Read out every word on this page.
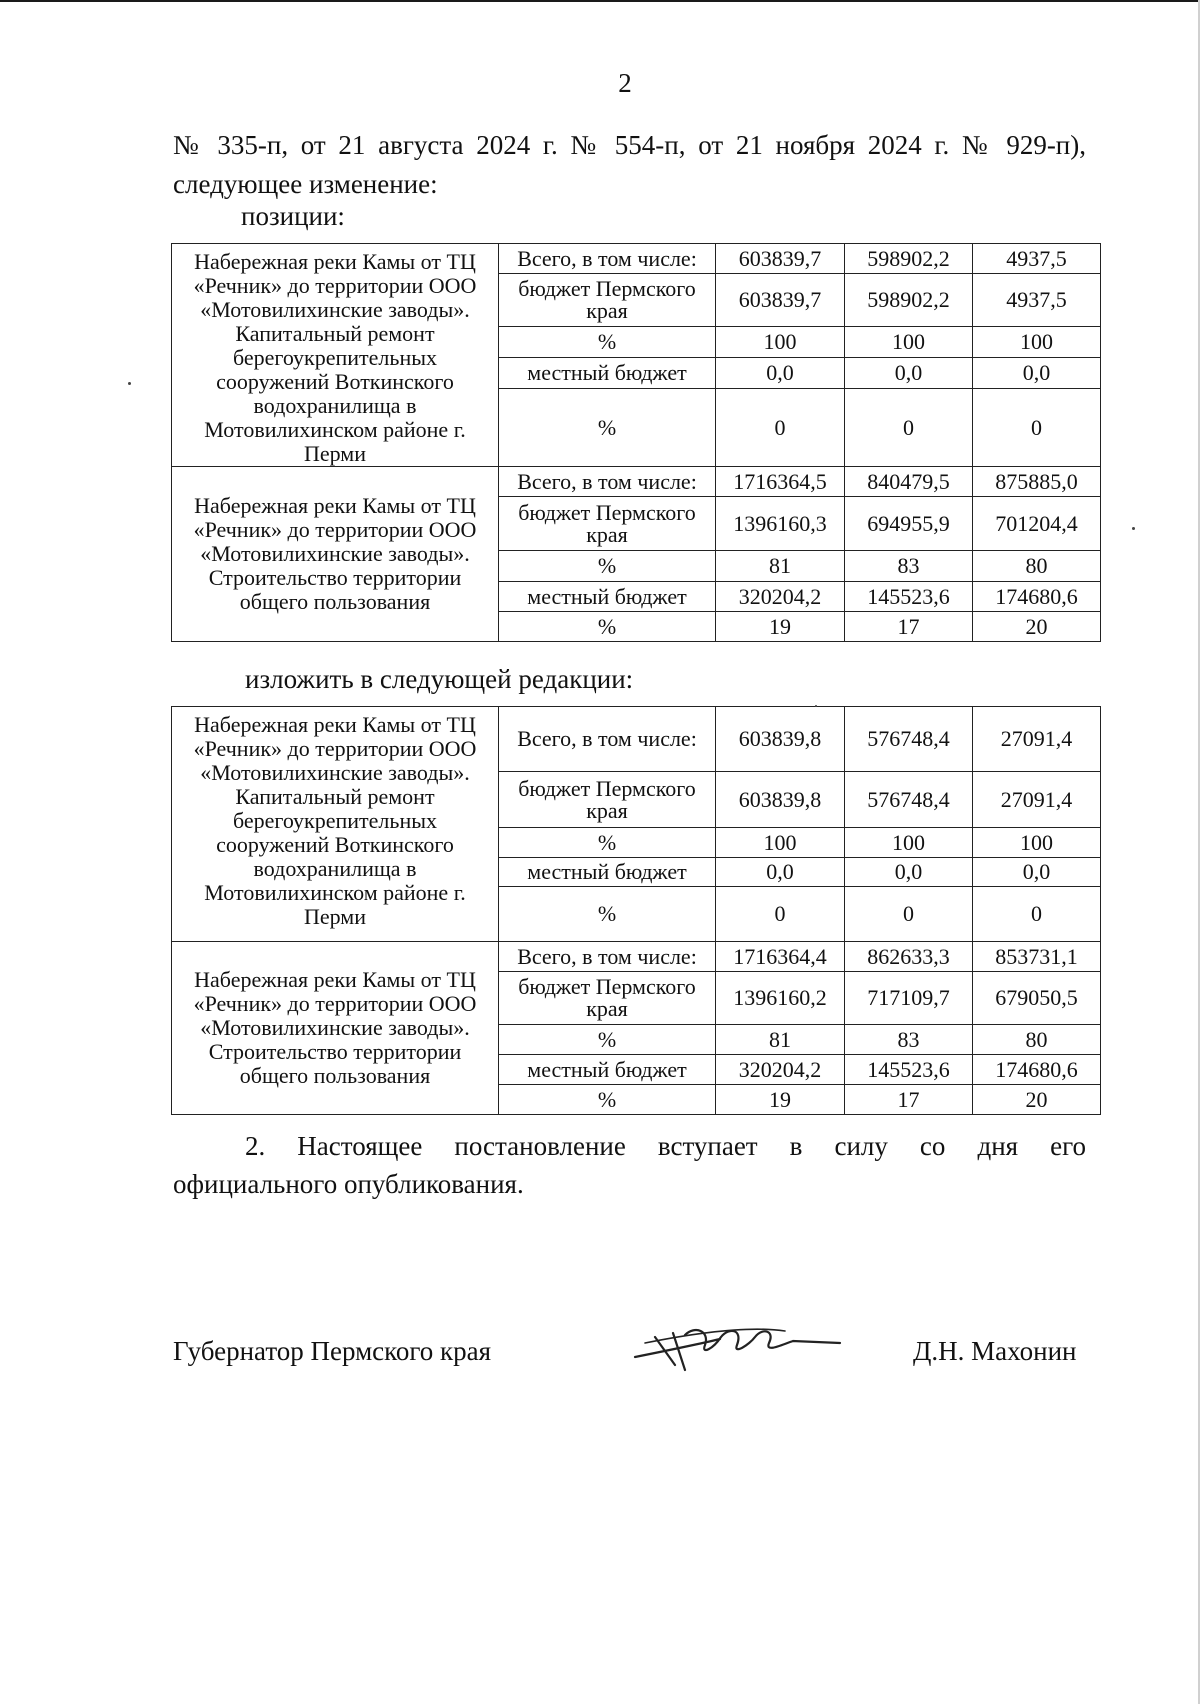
2
№ 335-п, от 21 августа 2024 г. № 554-п, от 21 ноября 2024 г. № 929-п),
следующее изменение:
позиции:
Набережная реки Камы от ТЦ «Речник» до территории ООО «Мотовилихинские заводы». Капитальный ремонт берегоукрепительных сооружений Воткинского водохранилища в Мотовилихинском районе г. Перми	Всего, в том числе:	603839,7	598902,2	4937,5
	бюджет Пермского края	603839,7	598902,2	4937,5
	%	100	100	100
	местный бюджет	0,0	0,0	0,0
	%	0	0	0
Набережная реки Камы от ТЦ «Речник» до территории ООО «Мотовилихинские заводы». Строительство территории общего пользования	Всего, в том числе:	1716364,5	840479,5	875885,0
	бюджет Пермского края	1396160,3	694955,9	701204,4
	%	81	83	80
	местный бюджет	320204,2	145523,6	174680,6
	%	19	17	20
изложить в следующей редакции:
Набережная реки Камы от ТЦ «Речник» до территории ООО «Мотовилихинские заводы». Капитальный ремонт берегоукрепительных сооружений Воткинского водохранилища в Мотовилихинском районе г. Перми	Всего, в том числе:	603839,8	576748,4	27091,4
	бюджет Пермского края	603839,8	576748,4	27091,4
	%	100	100	100
	местный бюджет	0,0	0,0	0,0
	%	0	0	0
Набережная реки Камы от ТЦ «Речник» до территории ООО «Мотовилихинские заводы». Строительство территории общего пользования	Всего, в том числе:	1716364,4	862633,3	853731,1
	бюджет Пермского края	1396160,2	717109,7	679050,5
	%	81	83	80
	местный бюджет	320204,2	145523,6	174680,6
	%	19	17	20
2. Настоящее постановление вступает в силу со дня его
официального опубликования.
Губернатор Пермского края	Д.Н. Махонин
